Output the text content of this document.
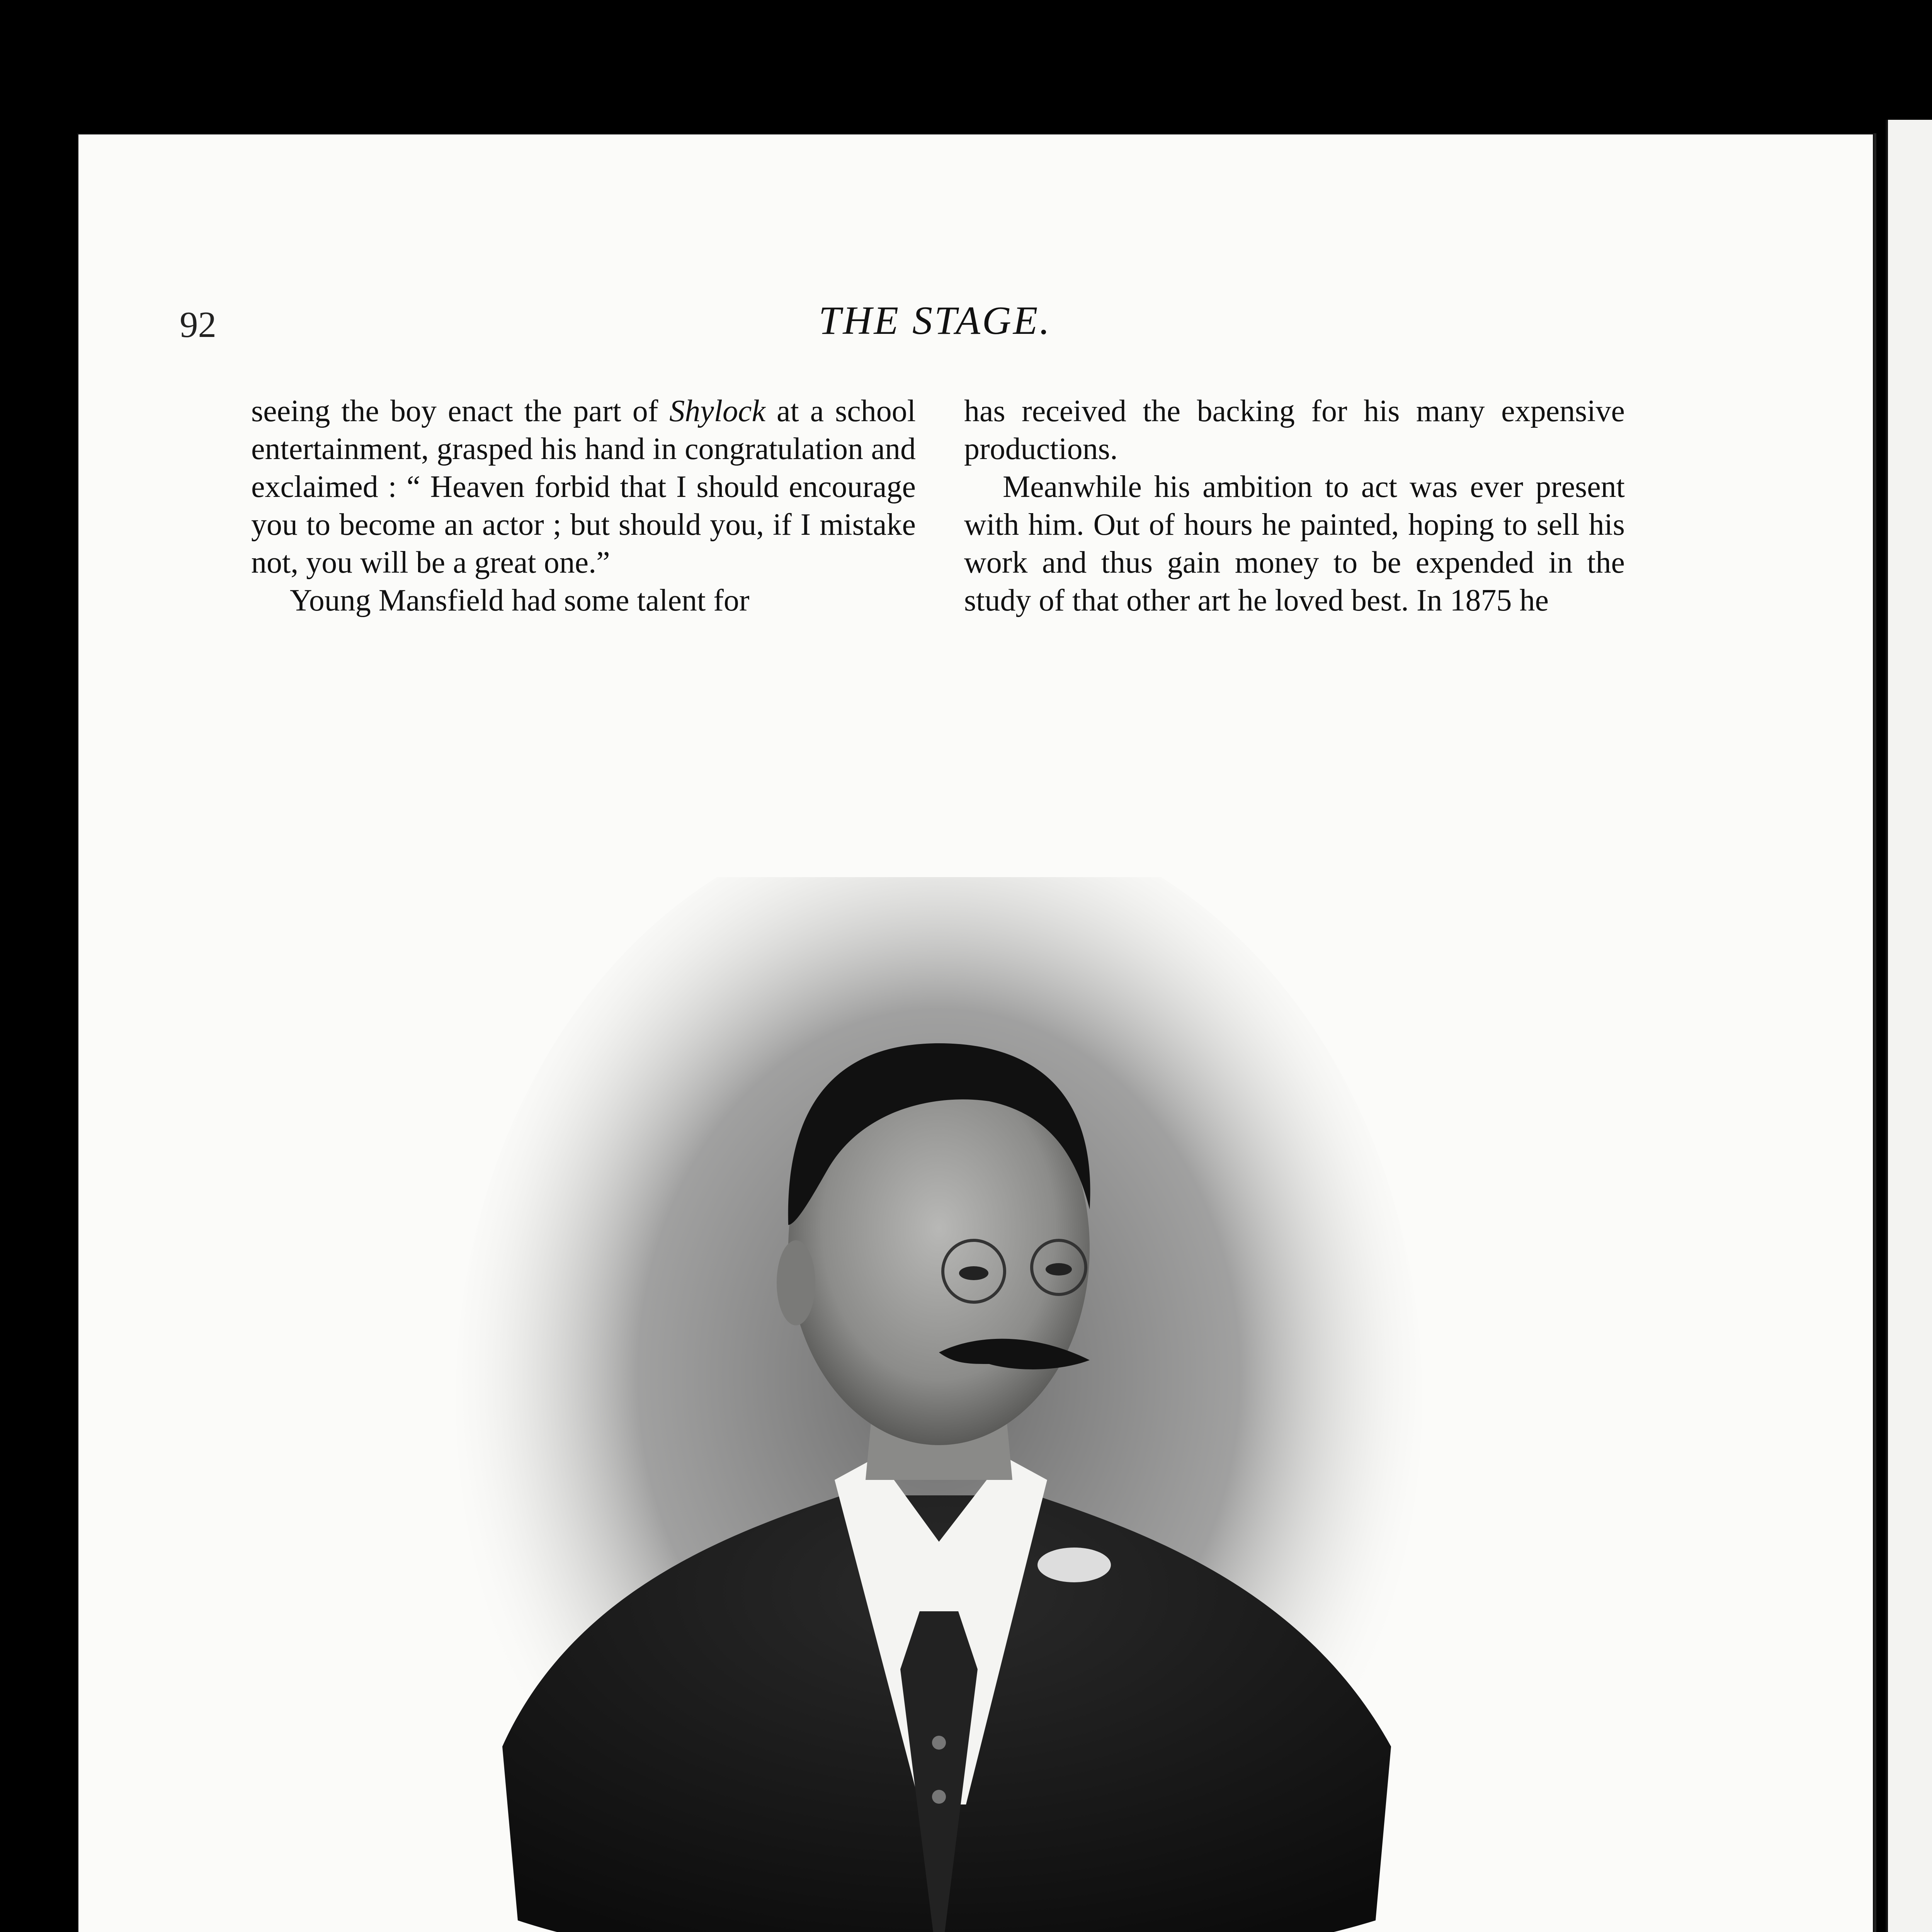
92	THE STAGE.

seeing the boy enact the part of Shylock at a school entertainment, grasped his hand in congratulation and exclaimed : “ Heaven forbid that I should encourage you to become an actor ; but should you, if I mistake not, you will be a great one.”

Young Mansfield had some talent for

has received the backing for his many expensive productions.

Meanwhile his ambition to act was ever present with him. Out of hours he painted, hoping to sell his work and thus gain money to be expended in the study of that other art he loved best. In 1875 he
